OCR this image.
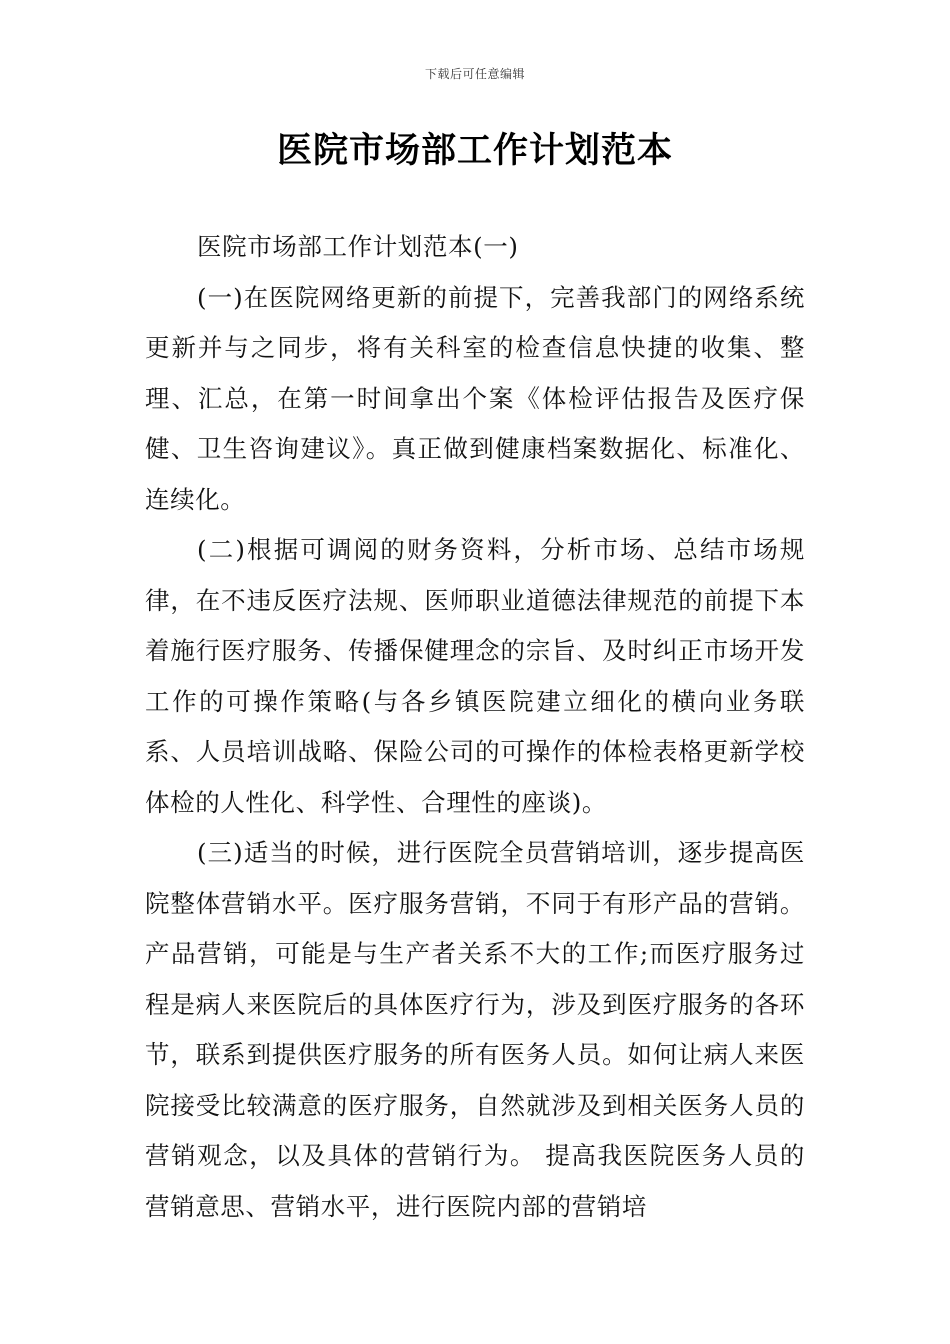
下载后可任意编辑
医院市场部工作计划范本

医院市场部工作计划范本(一)

(一)在医院网络更新的前提下，完善我部门的网络系统更新并与之同步，将有关科室的检查信息快捷的收集、整理、汇总，在第一时间拿出个案《体检评估报告及医疗保健、卫生咨询建议》。真正做到健康档案数据化、标准化、连续化。

(二)根据可调阅的财务资料，分析市场、总结市场规律，在不违反医疗法规、医师职业道德法律规范的前提下本着施行医疗服务、传播保健理念的宗旨、及时纠正市场开发工作的可操作策略(与各乡镇医院建立细化的横向业务联系、人员培训战略、保险公司的可操作的体检表格更新学校体检的人性化、科学性、合理性的座谈)。

(三)适当的时候，进行医院全员营销培训，逐步提高医院整体营销水平。医疗服务营销，不同于有形产品的营销。产品营销，可能是与生产者关系不大的工作;而医疗服务过程是病人来医院后的具体医疗行为，涉及到医疗服务的各环节，联系到提供医疗服务的所有医务人员。如何让病人来医院接受比较满意的医疗服务，自然就涉及到相关医务人员的营销观念，以及具体的营销行为。 提高我医院医务人员的营销意思、营销水平，进行医院内部的营销培
